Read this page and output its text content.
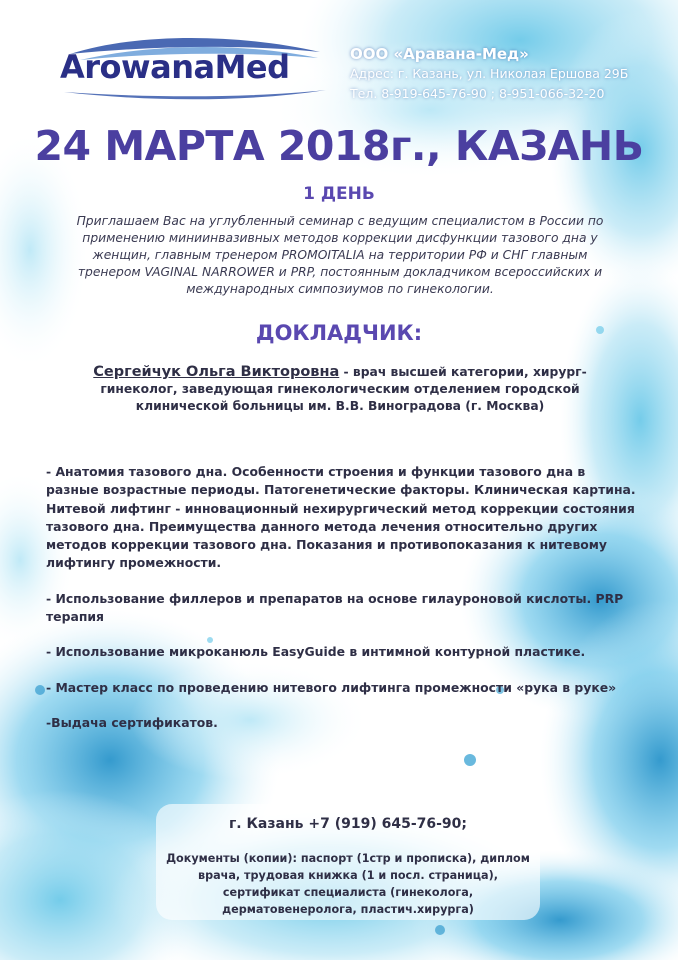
ArowanaMed	ООО «Аравана-Мед»
Адрес: г. Казань, ул. Николая Ершова 29Б
Тел. 8-919-645-76-90 ; 8-951-066-32-20
24 МАРТА 2018г., КАЗАНЬ
1 ДЕНЬ
Приглашаем Вас на углубленный семинар с ведущим специалистом в России по применению миниинвазивных методов коррекции дисфункции тазового дна у женщин, главным тренером PROMOITALIA на территории РФ и СНГ главным тренером VAGINAL NARROWER и PRP, постоянным докладчиком всероссийских и международных симпозиумов по гинекологии.
ДОКЛАДЧИК:
Сергейчук Ольга Викторовна - врач высшей категории, хирург-гинеколог, заведующая гинекологическим отделением городской клинической больницы им. В.В. Виноградова (г. Москва)

- Анатомия тазового дна. Особенности строения и функции тазового дна в разные возрастные периоды. Патогенетические факторы. Клиническая картина. Нитевой лифтинг - инновационный нехирургический метод коррекции состояния тазового дна. Преимущества данного метода лечения относительно других методов коррекции тазового дна. Показания и противопоказания к нитевому лифтингу промежности.

- Использование филлеров и препаратов на основе гилауроновой кислоты. PRP терапия

- Использование микроканюль EasyGuide в интимной контурной пластике.

- Мастер класс по проведению нитевого лифтинга промежности «рука в руке»

-Выдача сертификатов.

г. Казань +7 (919) 645-76-90;
Документы (копии): паспорт (1стр и прописка), диплом врача, трудовая книжка (1 и посл. страница), сертификат специалиста (гинеколога, дерматовенеролога, пластич.хирурга)
